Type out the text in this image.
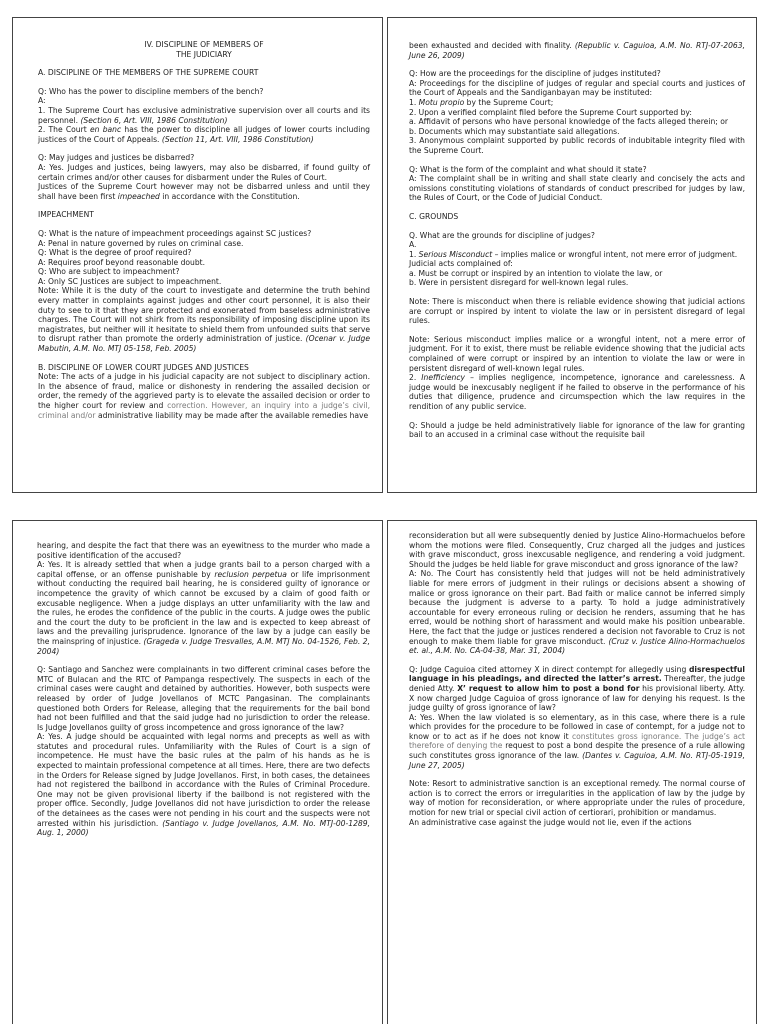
IV. DISCIPLINE OF MEMBERS OF
THE JUDICIARY

A. DISCIPLINE OF THE MEMBERS OF THE SUPREME COURT

Q: Who has the power to discipline members of the bench?

A:

1. The Supreme Court has exclusive administrative supervision over all courts and its personnel. (Section 6, Art. VIII, 1986 Constitution)

2. The Court en banc has the power to discipline all judges of lower courts including justices of the Court of Appeals. (Section 11, Art. VIII, 1986 Constitution)

Q: May judges and justices be disbarred?

A: Yes. Judges and justices, being lawyers, may also be disbarred, if found guilty of certain crimes and/or other causes for disbarment under the Rules of Court.

Justices of the Supreme Court however may not be disbarred unless and until they shall have been first impeached in accordance with the Constitution.

IMPEACHMENT

Q: What is the nature of impeachment proceedings against SC justices?

A: Penal in nature governed by rules on criminal case.

Q: What is the degree of proof required?

A: Requires proof beyond reasonable doubt.

Q: Who are subject to impeachment?

A: Only SC Justices are subject to impeachment.

Note: While it is the duty of the court to investigate and determine the truth behind every matter in complaints against judges and other court personnel, it is also their duty to see to it that they are protected and exonerated from baseless administrative charges. The Court will not shirk from its responsibility of imposing discipline upon its magistrates, but neither will it hesitate to shield them from unfounded suits that serve to disrupt rather than promote the orderly administration of justice. (Ocenar v. Judge Mabutin, A.M. No. MTJ 05-158, Feb. 2005)

B. DISCIPLINE OF LOWER COURT JUDGES AND JUSTICES

Note: The acts of a judge in his judicial capacity are not subject to disciplinary action. In the absence of fraud, malice or dishonesty in rendering the assailed decision or order, the remedy of the aggrieved party is to elevate the assailed decision or order to the higher court for review and correction. However, an inquiry into a judge’s civil, criminal and/or administrative liability may be made after the available remedies have

been exhausted and decided with finality. (Republic v. Caguioa, A.M. No. RTJ-07-2063, June 26, 2009)

Q: How are the proceedings for the discipline of judges instituted?

A: Proceedings for the discipline of judges of regular and special courts and justices of the Court of Appeals and the Sandiganbayan may be instituted:

1. Motu propio by the Supreme Court;

2. Upon a verified complaint filed before the Supreme Court supported by:

a. Affidavit of persons who have personal knowledge of the facts alleged therein; or

b. Documents which may substantiate said allegations.

3. Anonymous complaint supported by public records of indubitable integrity filed with the Supreme Court.

Q: What is the form of the complaint and what should it state?

A: The complaint shall be in writing and shall state clearly and concisely the acts and omissions constituting violations of standards of conduct prescribed for judges by law, the Rules of Court, or the Code of Judicial Conduct.

C. GROUNDS

Q. What are the grounds for discipline of judges?

A.

1. Serious Misconduct – implies malice or wrongful intent, not mere error of judgment.

Judicial acts complained of:

a. Must be corrupt or inspired by an intention to violate the law, or

b. Were in persistent disregard for well-known legal rules.

Note: There is misconduct when there is reliable evidence showing that judicial actions are corrupt or inspired by intent to violate the law or in persistent disregard of legal rules.

Note: Serious misconduct implies malice or a wrongful intent, not a mere error of judgment. For it to exist, there must be reliable evidence showing that the judicial acts complained of were corrupt or inspired by an intention to violate the law or were in persistent disregard of well-known legal rules.

2. Inefficiency – implies negligence, incompetence, ignorance and carelessness. A judge would be inexcusably negligent if he failed to observe in the performance of his duties that diligence, prudence and circumspection which the law requires in the rendition of any public service.

Q: Should a judge be held administratively liable for ignorance of the law for granting bail to an accused in a criminal case without the requisite bail

hearing, and despite the fact that there was an eyewitness to the murder who made a positive identification of the accused?

A: Yes. It is already settled that when a judge grants bail to a person charged with a capital offense, or an offense punishable by reclusion perpetua or life imprisonment without conducting the required bail hearing, he is considered guilty of ignorance or incompetence the gravity of which cannot be excused by a claim of good faith or excusable negligence. When a judge displays an utter unfamiliarity with the law and the rules, he erodes the confidence of the public in the courts. A judge owes the public and the court the duty to be proficient in the law and is expected to keep abreast of laws and the prevailing jurisprudence. Ignorance of the law by a judge can easily be the mainspring of injustice. (Grageda v. Judge Tresvalles, A.M. MTJ No. 04-1526, Feb. 2, 2004)

Q: Santiago and Sanchez were complainants in two different criminal cases before the MTC of Bulacan and the RTC of Pampanga respectively. The suspects in each of the criminal cases were caught and detained by authorities. However, both suspects were released by order of Judge Jovellanos of MCTC Pangasinan. The complainants questioned both Orders for Release, alleging that the requirements for the bail bond had not been fulfilled and that the said judge had no jurisdiction to order the release. Is Judge Jovellanos guilty of gross incompetence and gross ignorance of the law?

A: Yes. A judge should be acquainted with legal norms and precepts as well as with statutes and procedural rules. Unfamiliarity with the Rules of Court is a sign of incompetence. He must have the basic rules at the palm of his hands as he is expected to maintain professional competence at all times. Here, there are two defects in the Orders for Release signed by Judge Jovellanos. First, in both cases, the detainees had not registered the bailbond in accordance with the Rules of Criminal Procedure. One may not be given provisional liberty if the bailbond is not registered with the proper office. Secondly, Judge Jovellanos did not have jurisdiction to order the release of the detainees as the cases were not pending in his court and the suspects were not arrested within his jurisdiction. (Santiago v. Judge Jovellanos, A.M. No. MTJ-00-1289, Aug. 1, 2000)

reconsideration but all were subsequently denied by Justice Alino-Hormachuelos before whom the motions were filed. Consequently, Cruz charged all the judges and justices with grave misconduct, gross inexcusable negligence, and rendering a void judgment. Should the judges be held liable for grave misconduct and gross ignorance of the law?

A: No. The Court has consistently held that judges will not be held administratively liable for mere errors of judgment in their rulings or decisions absent a showing of malice or gross ignorance on their part. Bad faith or malice cannot be inferred simply because the judgment is adverse to a party. To hold a judge administratively accountable for every erroneous ruling or decision he renders, assuming that he has erred, would be nothing short of harassment and would make his position unbearable. Here, the fact that the judge or justices rendered a decision not favorable to Cruz is not enough to make them liable for grave misconduct. (Cruz v. Justice Alino-Hormachuelos et. al., A.M. No. CA-04-38, Mar. 31, 2004)

Q: Judge Caguioa cited attorney X in direct contempt for allegedly using disrespectful language in his pleadings, and directed the latter’s arrest. Thereafter, the judge denied Atty. X’ request to allow him to post a bond for his provisional liberty. Atty. X now charged Judge Caguioa of gross ignorance of law for denying his request. Is the judge guilty of gross ignorance of law?

A: Yes. When the law violated is so elementary, as in this case, where there is a rule which provides for the procedure to be followed in case of contempt, for a judge not to know or to act as if he does not know it constitutes gross ignorance. The judge’s act therefore of denying the request to post a bond despite the presence of a rule allowing such constitutes gross ignorance of the law. (Dantes v. Caguioa, A.M. No. RTJ-05-1919, June 27, 2005)

Note: Resort to administrative sanction is an exceptional remedy. The normal course of action is to correct the errors or irregularities in the application of law by the judge by way of motion for reconsideration, or where appropriate under the rules of procedure, motion for new trial or special civil action of certiorari, prohibition or mandamus.

An administrative case against the judge would not lie, even if the actions
